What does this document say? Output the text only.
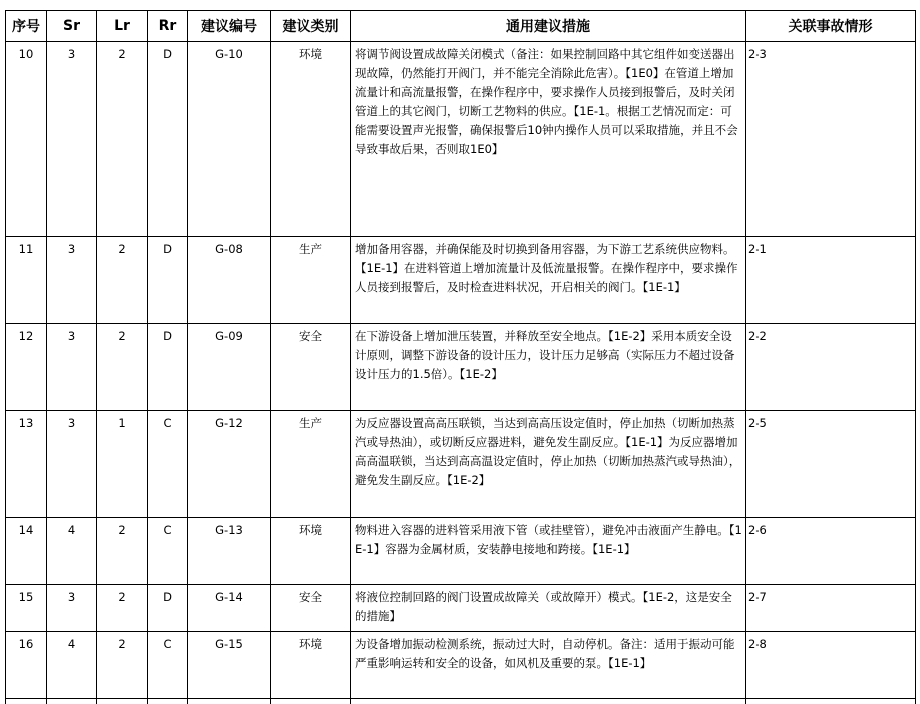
序号	Sr	Lr	Rr	建议编号	建议类别	通用建议措施	关联事故情形
10	3	2	D	G-10	环境	将调节阀设置成故障关闭模式（备注：如果控制回路中其它组件如变送器出现故障，仍然能打开阀门，并不能完全消除此危害）。【1E0】在管道上增加流量计和高流量报警，在操作程序中，要求操作人员接到报警后，及时关闭管道上的其它阀门，切断工艺物料的供应。【1E-1。根据工艺情况而定：可能需要设置声光报警，确保报警后10钟内操作人员可以采取措施，并且不会导致事故后果，否则取1E0】	2-3
11	3	2	D	G-08	生产	增加备用容器，并确保能及时切换到备用容器，为下游工艺系统供应物料。【1E-1】在进料管道上增加流量计及低流量报警。在操作程序中，要求操作人员接到报警后，及时检查进料状况，开启相关的阀门。【1E-1】	2-1
12	3	2	D	G-09	安全	在下游设备上增加泄压装置，并释放至安全地点。【1E-2】采用本质安全设计原则，调整下游设备的设计压力，设计压力足够高（实际压力不超过设备设计压力的1.5倍）。【1E-2】	2-2
13	3	1	C	G-12	生产	为反应器设置高高压联锁，当达到高高压设定值时，停止加热（切断加热蒸汽或导热油），或切断反应器进料，避免发生副反应。【1E-1】为反应器增加高高温联锁，当达到高高温设定值时，停止加热（切断加热蒸汽或导热油），避免发生副反应。【1E-2】	2-5
14	4	2	C	G-13	环境	物料进入容器的进料管采用液下管（或挂壁管），避免冲击液面产生静电。【1E-1】容器为金属材质，安装静电接地和跨接。【1E-1】	2-6
15	3	2	D	G-14	安全	将液位控制回路的阀门设置成故障关（或故障开）模式。【1E-2，这是安全的措施】	2-7
16	4	2	C	G-15	环境	为设备增加振动检测系统，振动过大时，自动停机。备注：适用于振动可能严重影响运转和安全的设备，如风机及重要的泵。【1E-1】	2-8
